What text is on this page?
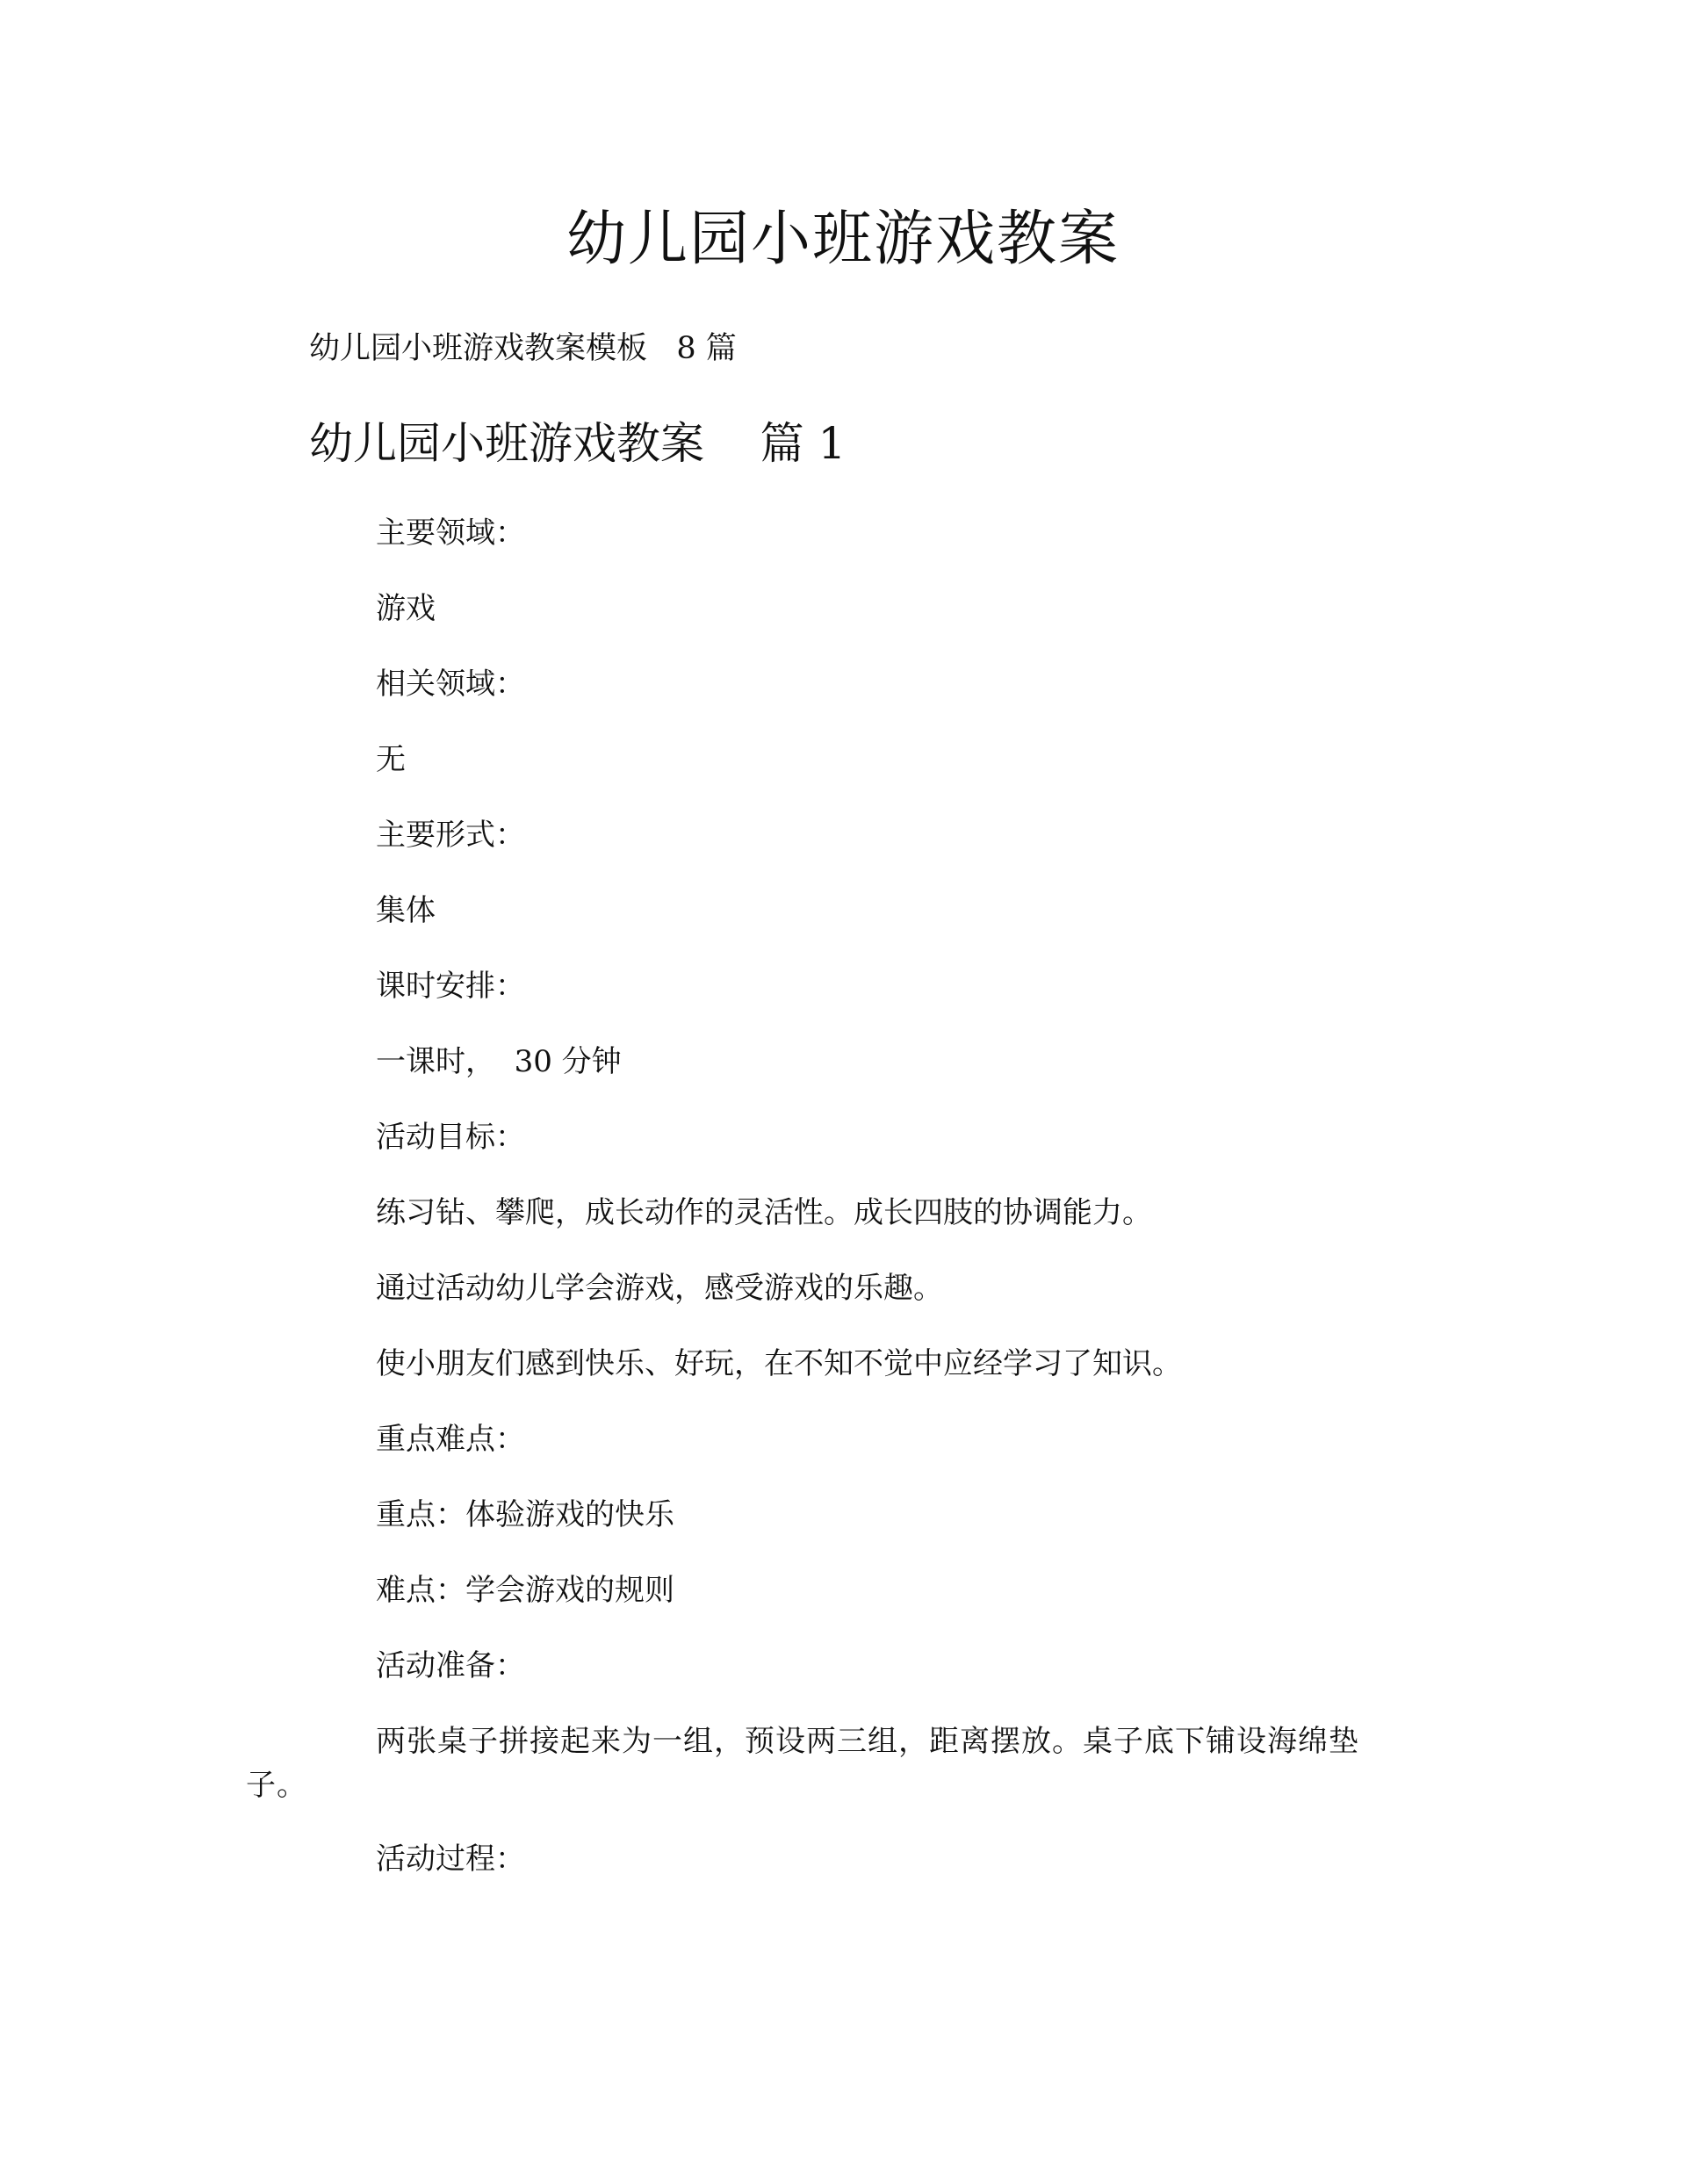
幼儿园小班游戏教案

幼儿园小班游戏教案模板   8 篇

幼儿园小班游戏教案    篇 1

主要领域：

游戏

相关领域：

无

主要形式：

集体

课时安排：

一课时，  30 分钟

活动目标：

练习钻、攀爬，成长动作的灵活性。成长四肢的协调能力。

通过活动幼儿学会游戏，感受游戏的乐趣。

使小朋友们感到快乐、好玩，在不知不觉中应经学习了知识。

重点难点：

重点：体验游戏的快乐

难点：学会游戏的规则

活动准备：

两张桌子拼接起来为一组，预设两三组，距离摆放。桌子底下铺设海绵垫子。

活动过程：
